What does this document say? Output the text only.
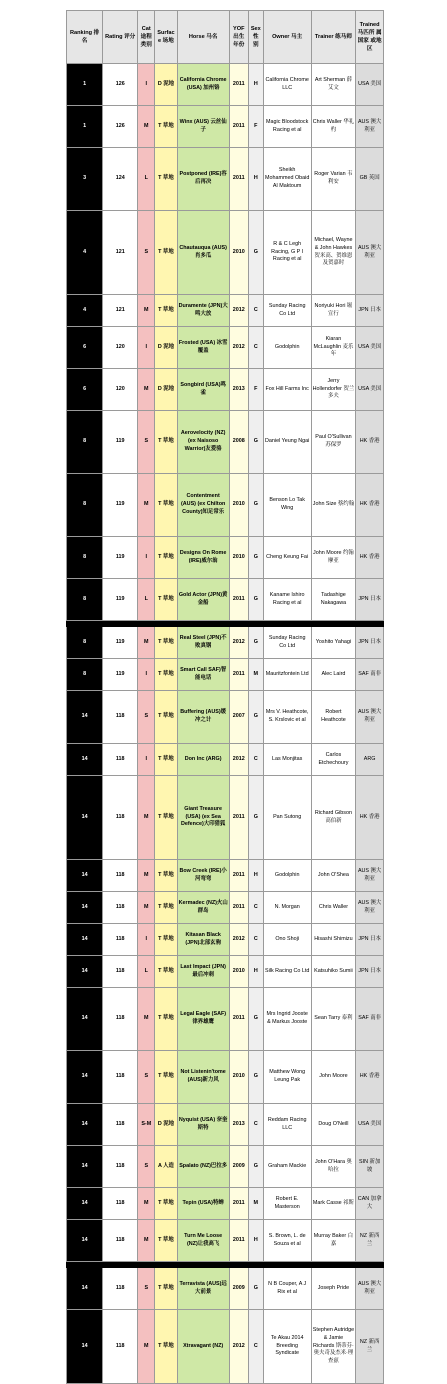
Ranking 排名	Rating 评分	Cat 途程 类别	Surface 场地	Horse 马名	YOF 出生 年份	Sex 性 别	Owner 马主	Trainer 练马师	Trained 马匹所 属国家 或地区
1	126	I	D 泥地	California Chrome (USA) 加州铬	2011	H	California Chrome LLC	Art Sherman 薛艾文	USA 美国
1	126	M	T 草地	Winx (AUS) 云丝仙子	2011	F	Magic Bloodstock Racing et al	Chris Waller 华礼杓	AUS 澳大利亚
3	124	L	T 草地	Postponed (IRE)容后再决	2011	H	Sheikh Mohammed Obaid Al Maktoum	Roger Varian 韦利安	GB 英国
4	121	S	T 草地	Chautauqua (AUS)肖多瓜	2010	G	R & C Legh Racing, G P I Racing et al	Michael, Wayne & John Hawkes 贺米高、贺维恩及贺嘉时	AUS 澳大利亚
4	121	M	T 草地	Duramente (JPN)大鸣大放	2012	C	Sunday Racing Co Ltd	Noriyuki Hori 堀宣行	JPN 日本
6	120	I	D 泥地	Frosted (USA) 冰雪覆盖	2012	C	Godolphin	Kiaran McLaughlin 麦乐年	USA 美国
6	120	M	D 泥地	Songbird (USA)鸣雀	2013	F	Fox Hill Farms Inc	Jerry Hollendorfer 贺兰多夫	USA 美国
8	119	S	T 草地	Aerovelocity (NZ) (ex Naisoso Warrior)友爱骆	2008	G	Daniel Yeung Ngai	Paul O'Sullivan 苏保罗	HK 香港
8	119	M	T 草地	Contentment (AUS) (ex Chilton County)知足常乐	2010	G	Benson Lo Tak Wing	John Size 蔡约翰	HK 香港
8	119	I	T 草地	Designs On Rome (IRE)威尔翁	2010	G	Cheng Keung Fai	John Moore 约翰摩亚	HK 香港
8	119	L	T 草地	Gold Actor (JPN)黄金船	2011	G	Kaname Ishiro Racing et al	Tadashige Nakagawa	JPN 日本

8	119	M	T 草地	Real Steel (JPN)不败真钢	2012	G	Sunday Racing Co Ltd	Yoshito Yahagi	JPN 日本
8	119	I	T 草地	Smart Call SAF)智能电话	2011	M	Mauritzfontein Ltd	Alec Laird	SAF 南非
14	118	S	T 草地	Buffering (AUS)缓冲之计	2007	G	Mrs V. Heathcote, S. Krslovic et al	Robert Heathcote	AUS 澳大利亚
14	118	I	T 草地	Don Inc (ARG)	2012	C	Las Monjitas	Carlos Etchechoury	ARG
14	118	M	T 草地	Giant Treasure (USA) (ex Sea Defence)大印猎狐	2011	G	Pan Sutong	Richard Gibson 高伯新	HK 香港
14	118	M	T 草地	Bow Creek (IRE)小河弯弯	2011	H	Godolphin	John O'Shea	AUS 澳大利亚
14	118	M	T 草地	Kermadec (NZ)火山群岛	2011	C	N. Morgan	Chris Waller	AUS 澳大利亚
14	118	I	T 草地	Kitasan Black (JPN)北部玄驹	2012	C	Ono Shoji	Hisashi Shimizu	JPN 日本
14	118	L	T 草地	Last Impact (JPN)最后冲刺	2010	H	Silk Racing Co Ltd	Katsuhiko Sumii	JPN 日本
14	118	M	T 草地	Legal Eagle (SAF)律界雄鹰	2011	G	Mrs Ingrid Jooste & Markus Jooste	Sean Tarry 泰利	SAF 南非
14	118	S	T 草地	Not Listenin'tome (AUS)新力风	2010	G	Matthew Wong Leung Pak	John Moore	HK 香港
14	118	S-M	D 泥地	Nyquist (USA) 奈奎斯特	2013	C	Reddam Racing LLC	Doug O'Neill	USA 美国
14	118	S	A 人造	Spalato (NZ)巴拉多	2009	G	Graham Mackie	John O'Hara 奥哈拉	SIN 新加坡
14	118	M	T 草地	Tepin (USA)特蝉	2011	M	Robert E. Masterson	Mark Casse 祁斯	CAN 加拿大
14	118	M	T 草地	Turn Me Loose (NZ)让我高飞	2011	H	S. Brown, L. de Souza et al	Murray Baker 白嘉	NZ 新西兰

14	118	S	T 草地	Terravista (AUS)远大前景	2009	G	N B Couper, A J Rix et al	Joseph Pride	AUS 澳大利亚
14	118	M	T 草地	Xtravagant (NZ)	2012	C	Te Akau 2014 Breeding Syndicate	Stephen Autridge & Jamie Richards 斯蒂芬·奥夫奇及杰米·理查兹	NZ 新西兰
